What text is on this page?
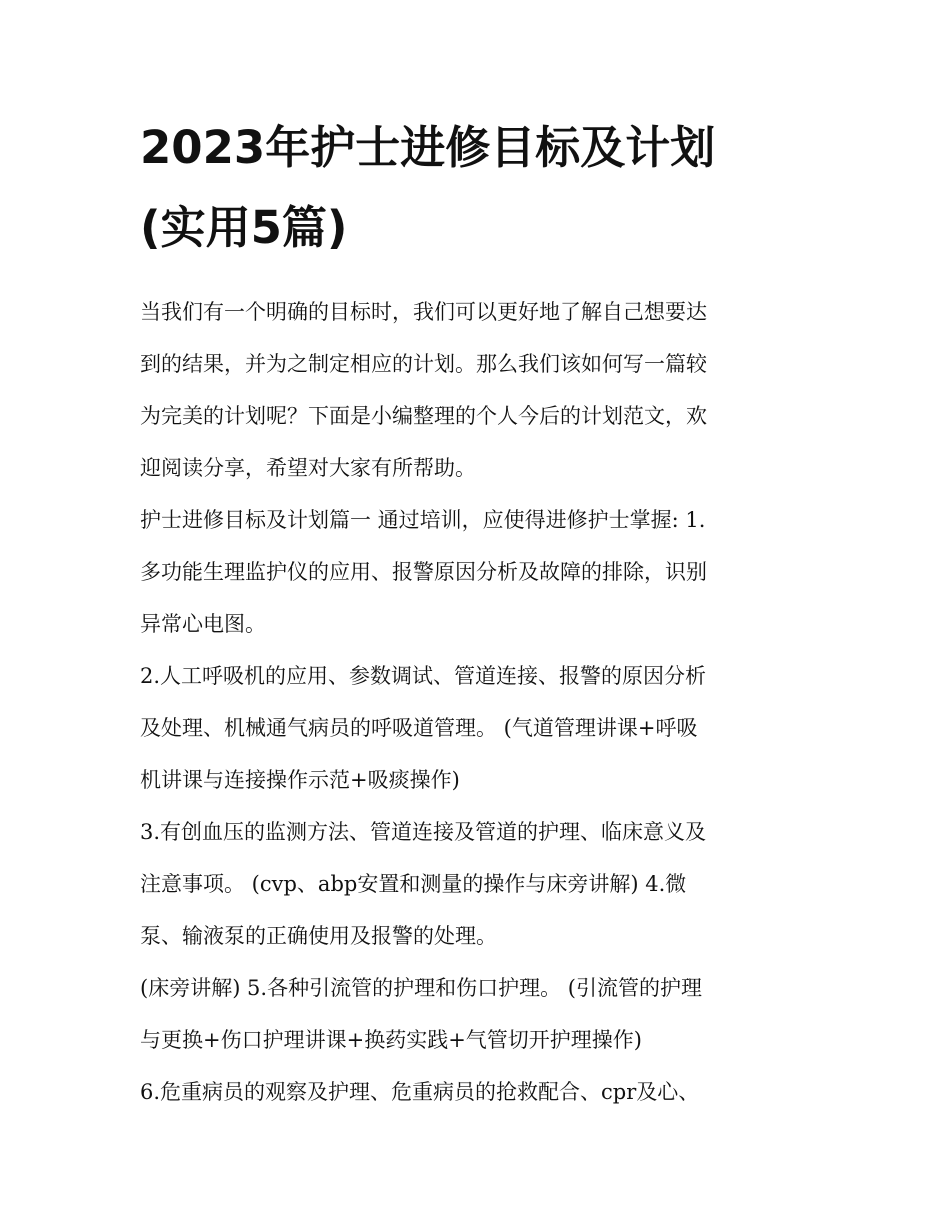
2023年护士进修目标及计划
(实用5篇)
当我们有一个明确的目标时，我们可以更好地了解自己想要达
到的结果，并为之制定相应的计划。那么我们该如何写一篇较
为完美的计划呢？下面是小编整理的个人今后的计划范文，欢
迎阅读分享，希望对大家有所帮助。
护士进修目标及计划篇一 通过培训，应使得进修护士掌握: 1.
多功能生理监护仪的应用、报警原因分析及故障的排除，识别
异常心电图。
2.人工呼吸机的应用、参数调试、管道连接、报警的原因分析
及处理、机械通气病员的呼吸道管理。 (气道管理讲课+呼吸
机讲课与连接操作示范+吸痰操作)
3.有创血压的监测方法、管道连接及管道的护理、临床意义及
注意事项。 (cvp、abp安置和测量的操作与床旁讲解) 4.微
泵、输液泵的正确使用及报警的处理。
(床旁讲解) 5.各种引流管的护理和伤口护理。 (引流管的护理
与更换+伤口护理讲课+换药实践+气管切开护理操作)
6.危重病员的观察及护理、危重病员的抢救配合、cpr及心、
